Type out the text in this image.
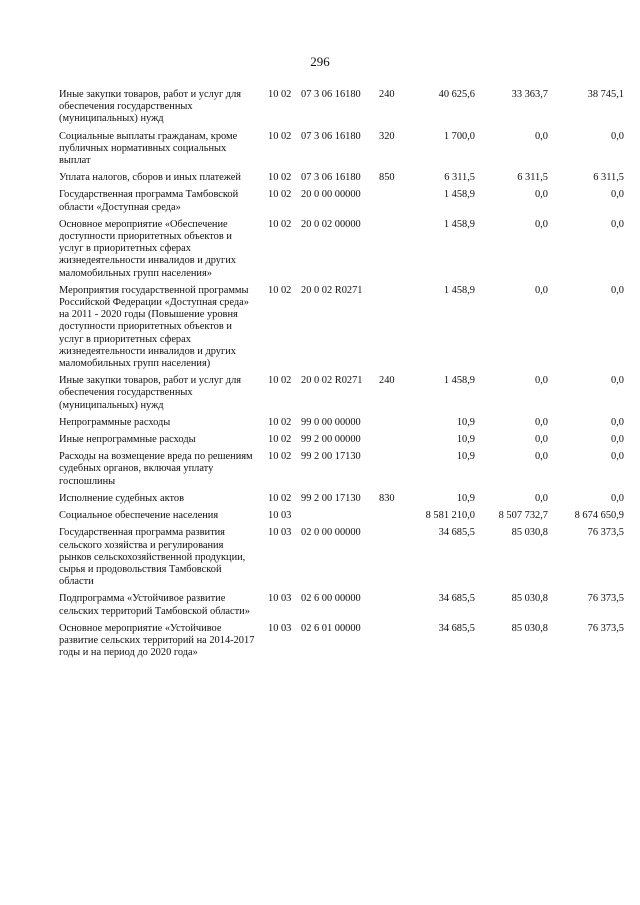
296
Иные закупки товаров, работ и услуг для обеспечения государственных (муниципальных) нужд	10 02	07 3 06 16180	240	40 625,6	33 363,7	38 745,1
Социальные выплаты гражданам, кроме публичных нормативных социальных выплат	10 02	07 3 06 16180	320	1 700,0	0,0	0,0
Уплата налогов, сборов и иных платежей	10 02	07 3 06 16180	850	6 311,5	6 311,5	6 311,5
Государственная программа Тамбовской области «Доступная среда»	10 02	20 0 00 00000		1 458,9	0,0	0,0
Основное мероприятие «Обеспечение доступности приоритетных объектов и услуг в приоритетных сферах жизнедеятельности инвалидов и других маломобильных групп населения»	10 02	20 0 02 00000		1 458,9	0,0	0,0
Мероприятия государственной программы Российской Федерации «Доступная среда» на 2011 - 2020 годы (Повышение уровня доступности приоритетных объектов и услуг в приоритетных сферах жизнедеятельности инвалидов и других маломобильных групп населения)	10 02	20 0 02 R0271		1 458,9	0,0	0,0
Иные закупки товаров, работ и услуг для обеспечения государственных (муниципальных) нужд	10 02	20 0 02 R0271	240	1 458,9	0,0	0,0
Непрограммные расходы	10 02	99 0 00 00000		10,9	0,0	0,0
Иные непрограммные расходы	10 02	99 2 00 00000		10,9	0,0	0,0
Расходы на возмещение вреда по решениям судебных органов, включая уплату госпошлины	10 02	99 2 00 17130		10,9	0,0	0,0
Исполнение судебных актов	10 02	99 2 00 17130	830	10,9	0,0	0,0
Социальное обеспечение населения	10 03			8 581 210,0	8 507 732,7	8 674 650,9
Государственная программа развития сельского хозяйства и регулирования рынков сельскохозяйственной продукции, сырья и продовольствия Тамбовской области	10 03	02 0 00 00000		34 685,5	85 030,8	76 373,5
Подпрограмма «Устойчивое развитие сельских территорий Тамбовской области»	10 03	02 6 00 00000		34 685,5	85 030,8	76 373,5
Основное мероприятие «Устойчивое развитие сельских территорий на 2014-2017 годы и на период до 2020 года»	10 03	02 6 01 00000		34 685,5	85 030,8	76 373,5
